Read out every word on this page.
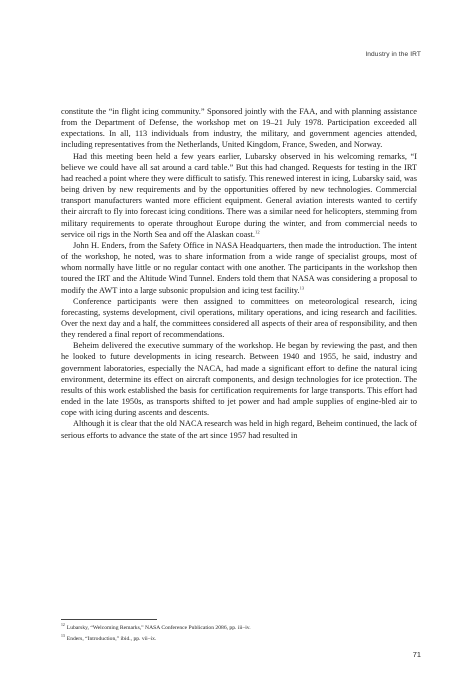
Industry in the IRT

constitute the “in flight icing community.” Sponsored jointly with the FAA, and with planning assistance from the Department of Defense, the workshop met on 19–21 July 1978. Participation exceeded all expectations. In all, 113 individuals from industry, the military, and government agencies attended, including representatives from the Netherlands, United Kingdom, France, Sweden, and Norway.

Had this meeting been held a few years earlier, Lubarsky observed in his welcoming remarks, “I believe we could have all sat around a card table.” But this had changed. Requests for testing in the IRT had reached a point where they were difficult to satisfy. This renewed interest in icing, Lubarsky said, was being driven by new requirements and by the opportunities offered by new technologies. Commercial transport manufacturers wanted more efficient equipment. General aviation interests wanted to certify their aircraft to fly into forecast icing conditions. There was a similar need for helicopters, stemming from military requirements to operate throughout Europe during the winter, and from commercial needs to service oil rigs in the North Sea and off the Alaskan coast.$^{12}$

John H. Enders, from the Safety Office in NASA Headquarters, then made the introduction. The intent of the workshop, he noted, was to share information from a wide range of specialist groups, most of whom normally have little or no regular contact with one another. The participants in the workshop then toured the IRT and the Altitude Wind Tunnel. Enders told them that NASA was considering a proposal to modify the AWT into a large subsonic propulsion and icing test facility.$^{13}$

Conference participants were then assigned to committees on meteorological research, icing forecasting, systems development, civil operations, military operations, and icing research and facilities. Over the next day and a half, the committees considered all aspects of their area of responsibility, and then they rendered a final report of recommendations.

Beheim delivered the executive summary of the workshop. He began by reviewing the past, and then he looked to future developments in icing research. Between 1940 and 1955, he said, industry and government laboratories, especially the NACA, had made a significant effort to define the natural icing environment, determine its effect on aircraft components, and design technologies for ice protection. The results of this work established the basis for certification requirements for large transports. This effort had ended in the late 1950s, as transports shifted to jet power and had ample supplies of engine-bled air to cope with icing during ascents and descents.

Although it is clear that the old NACA research was held in high regard, Beheim continued, the lack of serious efforts to advance the state of the art since 1957 had resulted in

$^{12}$ Lubarsky, “Welcoming Remarks,” NASA Conference Publication 2086, pp. iii–iv.

$^{13}$ Enders, “Introduction,” ibid., pp. vii–ix.

71
